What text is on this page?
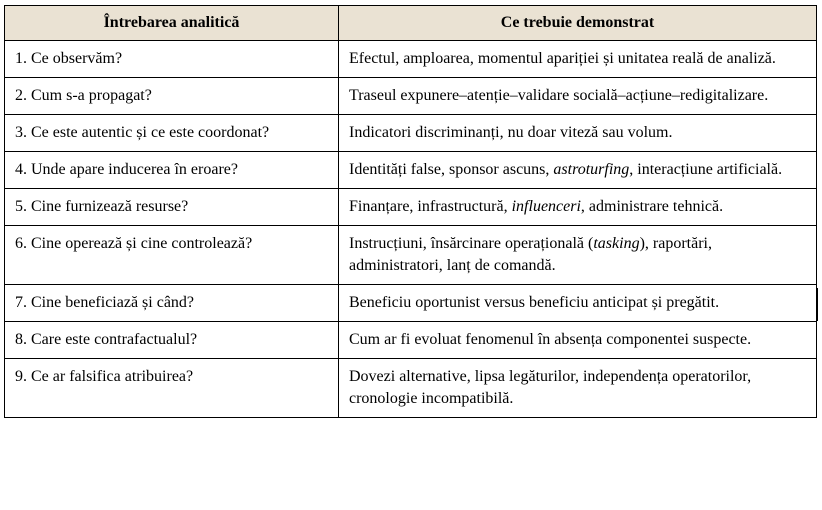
Întrebarea analitică	Ce trebuie demonstrat
1. Ce observăm?	Efectul, amploarea, momentul apariției și unitatea reală de analiză.
2. Cum s-a propagat?	Traseul expunere–atenție–validare socială–acțiune–redigitalizare.
3. Ce este autentic și ce este coordonat?	Indicatori discriminanți, nu doar viteză sau volum.
4. Unde apare inducerea în eroare?	Identități false, sponsor ascuns, astroturfing, interacțiune artificială.
5. Cine furnizează resurse?	Finanțare, infrastructură, influenceri, administrare tehnică.
6. Cine operează și cine controlează?	Instrucțiuni, însărcinare operațională (tasking), raportări, administratori, lanț de comandă.
7. Cine beneficiază și când?	Beneficiu oportunist versus beneficiu anticipat și pregătit.
8. Care este contrafactualul?	Cum ar fi evoluat fenomenul în absența componentei suspecte.
9. Ce ar falsifica atribuirea?	Dovezi alternative, lipsa legăturilor, independența operatorilor, cronologie incompatibilă.
